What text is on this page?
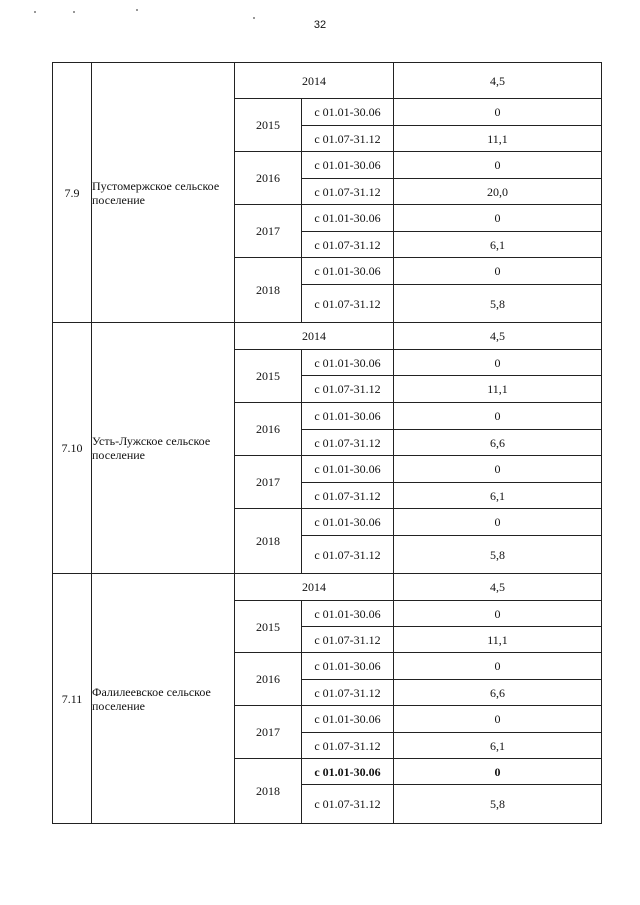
32
7.9	Пустомержское сельское поселение	2014		4,5
		2015	с 01.01-30.06	0
			с 01.07-31.12	11,1
		2016	с 01.01-30.06	0
			с 01.07-31.12	20,0
		2017	с 01.01-30.06	0
			с 01.07-31.12	6,1
		2018	с 01.01-30.06	0
			с 01.07-31.12	5,8
7.10	Усть-Лужское сельское поселение	2014		4,5
		2015	с 01.01-30.06	0
			с 01.07-31.12	11,1
		2016	с 01.01-30.06	0
			с 01.07-31.12	6,6
		2017	с 01.01-30.06	0
			с 01.07-31.12	6,1
		2018	с 01.01-30.06	0
			с 01.07-31.12	5,8
7.11	Фалилеевское сельское поселение	2014		4,5
		2015	с 01.01-30.06	0
			с 01.07-31.12	11,1
		2016	с 01.01-30.06	0
			с 01.07-31.12	6,6
		2017	с 01.01-30.06	0
			с 01.07-31.12	6,1
		2018	с 01.01-30.06	0
			с 01.07-31.12	5,8
